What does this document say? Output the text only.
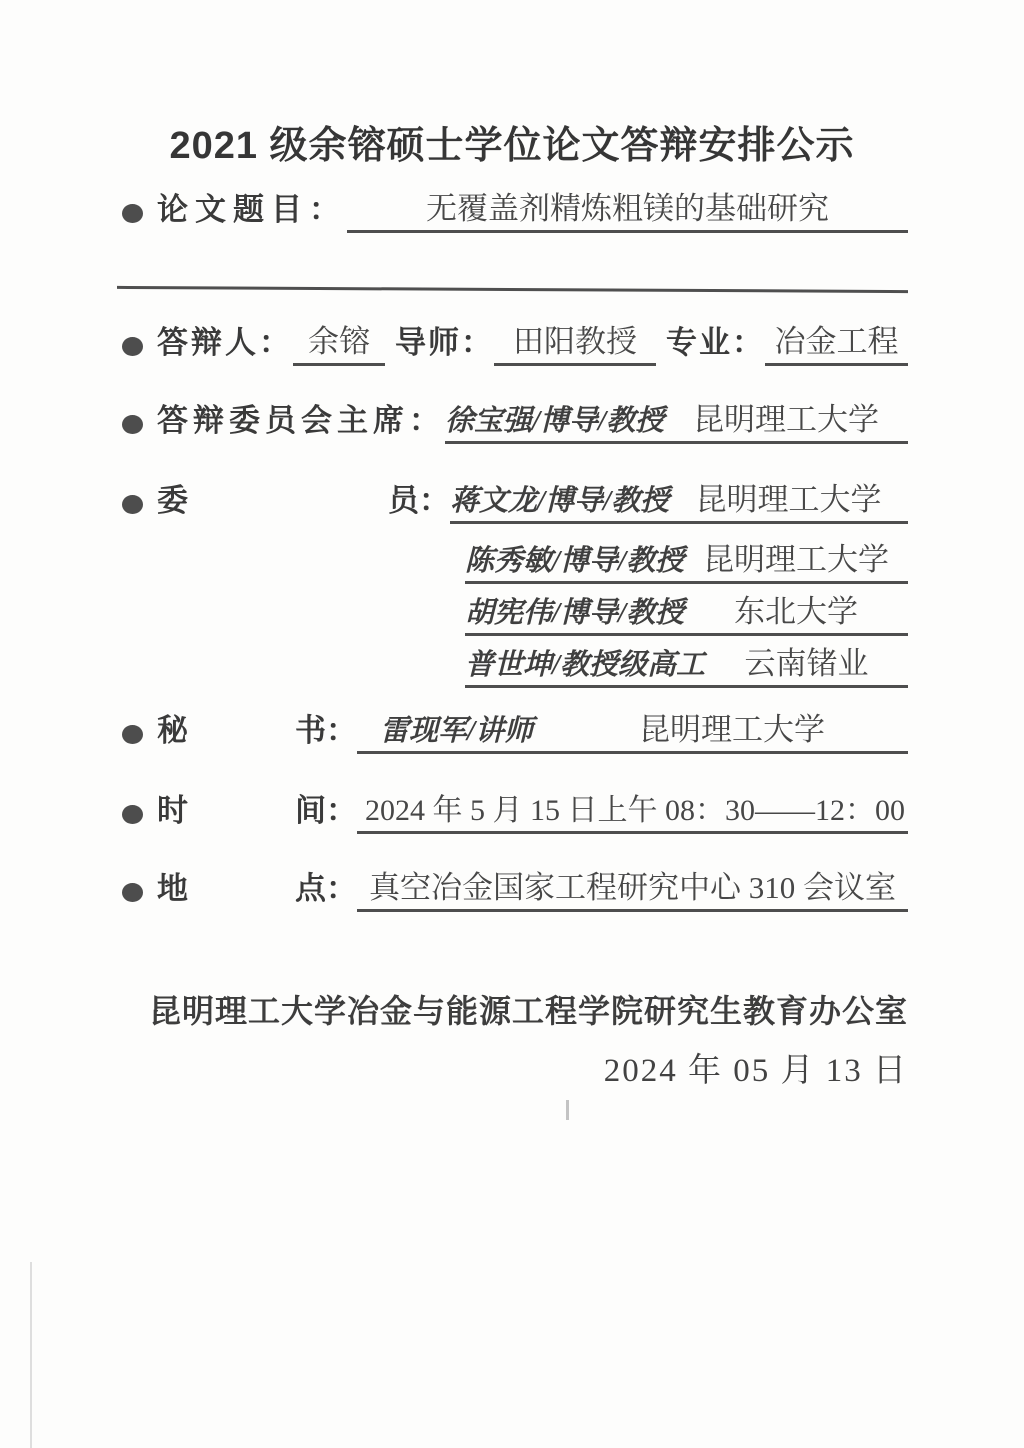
2021 级余镕硕士学位论文答辩安排公示
论文题目：	无覆盖剂精炼粗镁的基础研究
答辩人： 余镕 导师： 田阳教授 专业： 冶金工程
答辩委员会主席： 徐宝强/博导/教授 昆明理工大学
委	员： 蒋文龙/博导/教授 昆明理工大学
陈秀敏/博导/教授 昆明理工大学
胡宪伟/博导/教授	东北大学
普世坤/教授级高工	云南锗业
秘	书： 雷现军/讲师	昆明理工大学
时	间： 2024 年 5 月 15 日上午 08：30——12：00
地	点： 真空冶金国家工程研究中心 310 会议室
昆明理工大学冶金与能源工程学院研究生教育办公室
2024 年 05 月 13 日
